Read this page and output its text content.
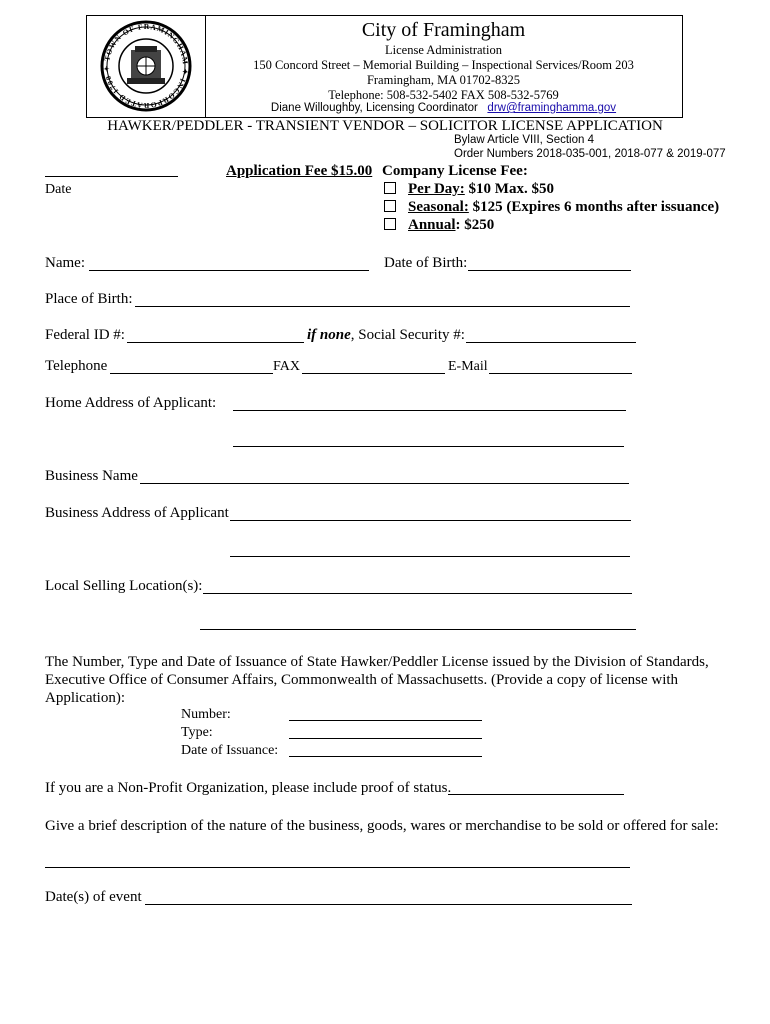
TOWN OF FRAMINGHAM ✦ INCORPORATED 1700 ✦
City of Framingham
License Administration
150 Concord Street – Memorial Building – Inspectional Services/Room 203
Framingham, MA 01702-8325
Telephone: 508-532-5402 FAX 508-532-5769
Diane Willoughby, Licensing Coordinator drw@framinghamma.gov
HAWKER/PEDDLER - TRANSIENT VENDOR – SOLICITOR LICENSE APPLICATION
Bylaw Article VIII, Section 4
Order Numbers 2018-035-001, 2018-077 & 2019-077
Date
Application Fee $15.00 Company License Fee:
Per Day: $10 Max. $50
Seasonal: $125 (Expires 6 months after issuance)
Annual: $250
Name:	Date of Birth:
Place of Birth:
Federal ID #:	if none, Social Security #:
Telephone	FAX	E-Mail
Home Address of Applicant:
Business Name
Business Address of Applicant
Local Selling Location(s):
The Number, Type and Date of Issuance of State Hawker/Peddler License issued by the Division of Standards, Executive Office of Consumer Affairs, Commonwealth of Massachusetts. (Provide a copy of license with Application):
Number:
Type:
Date of Issuance:
If you are a Non-Profit Organization, please include proof of status.
Give a brief description of the nature of the business, goods, wares or merchandise to be sold or offered for sale:
Date(s) of event
